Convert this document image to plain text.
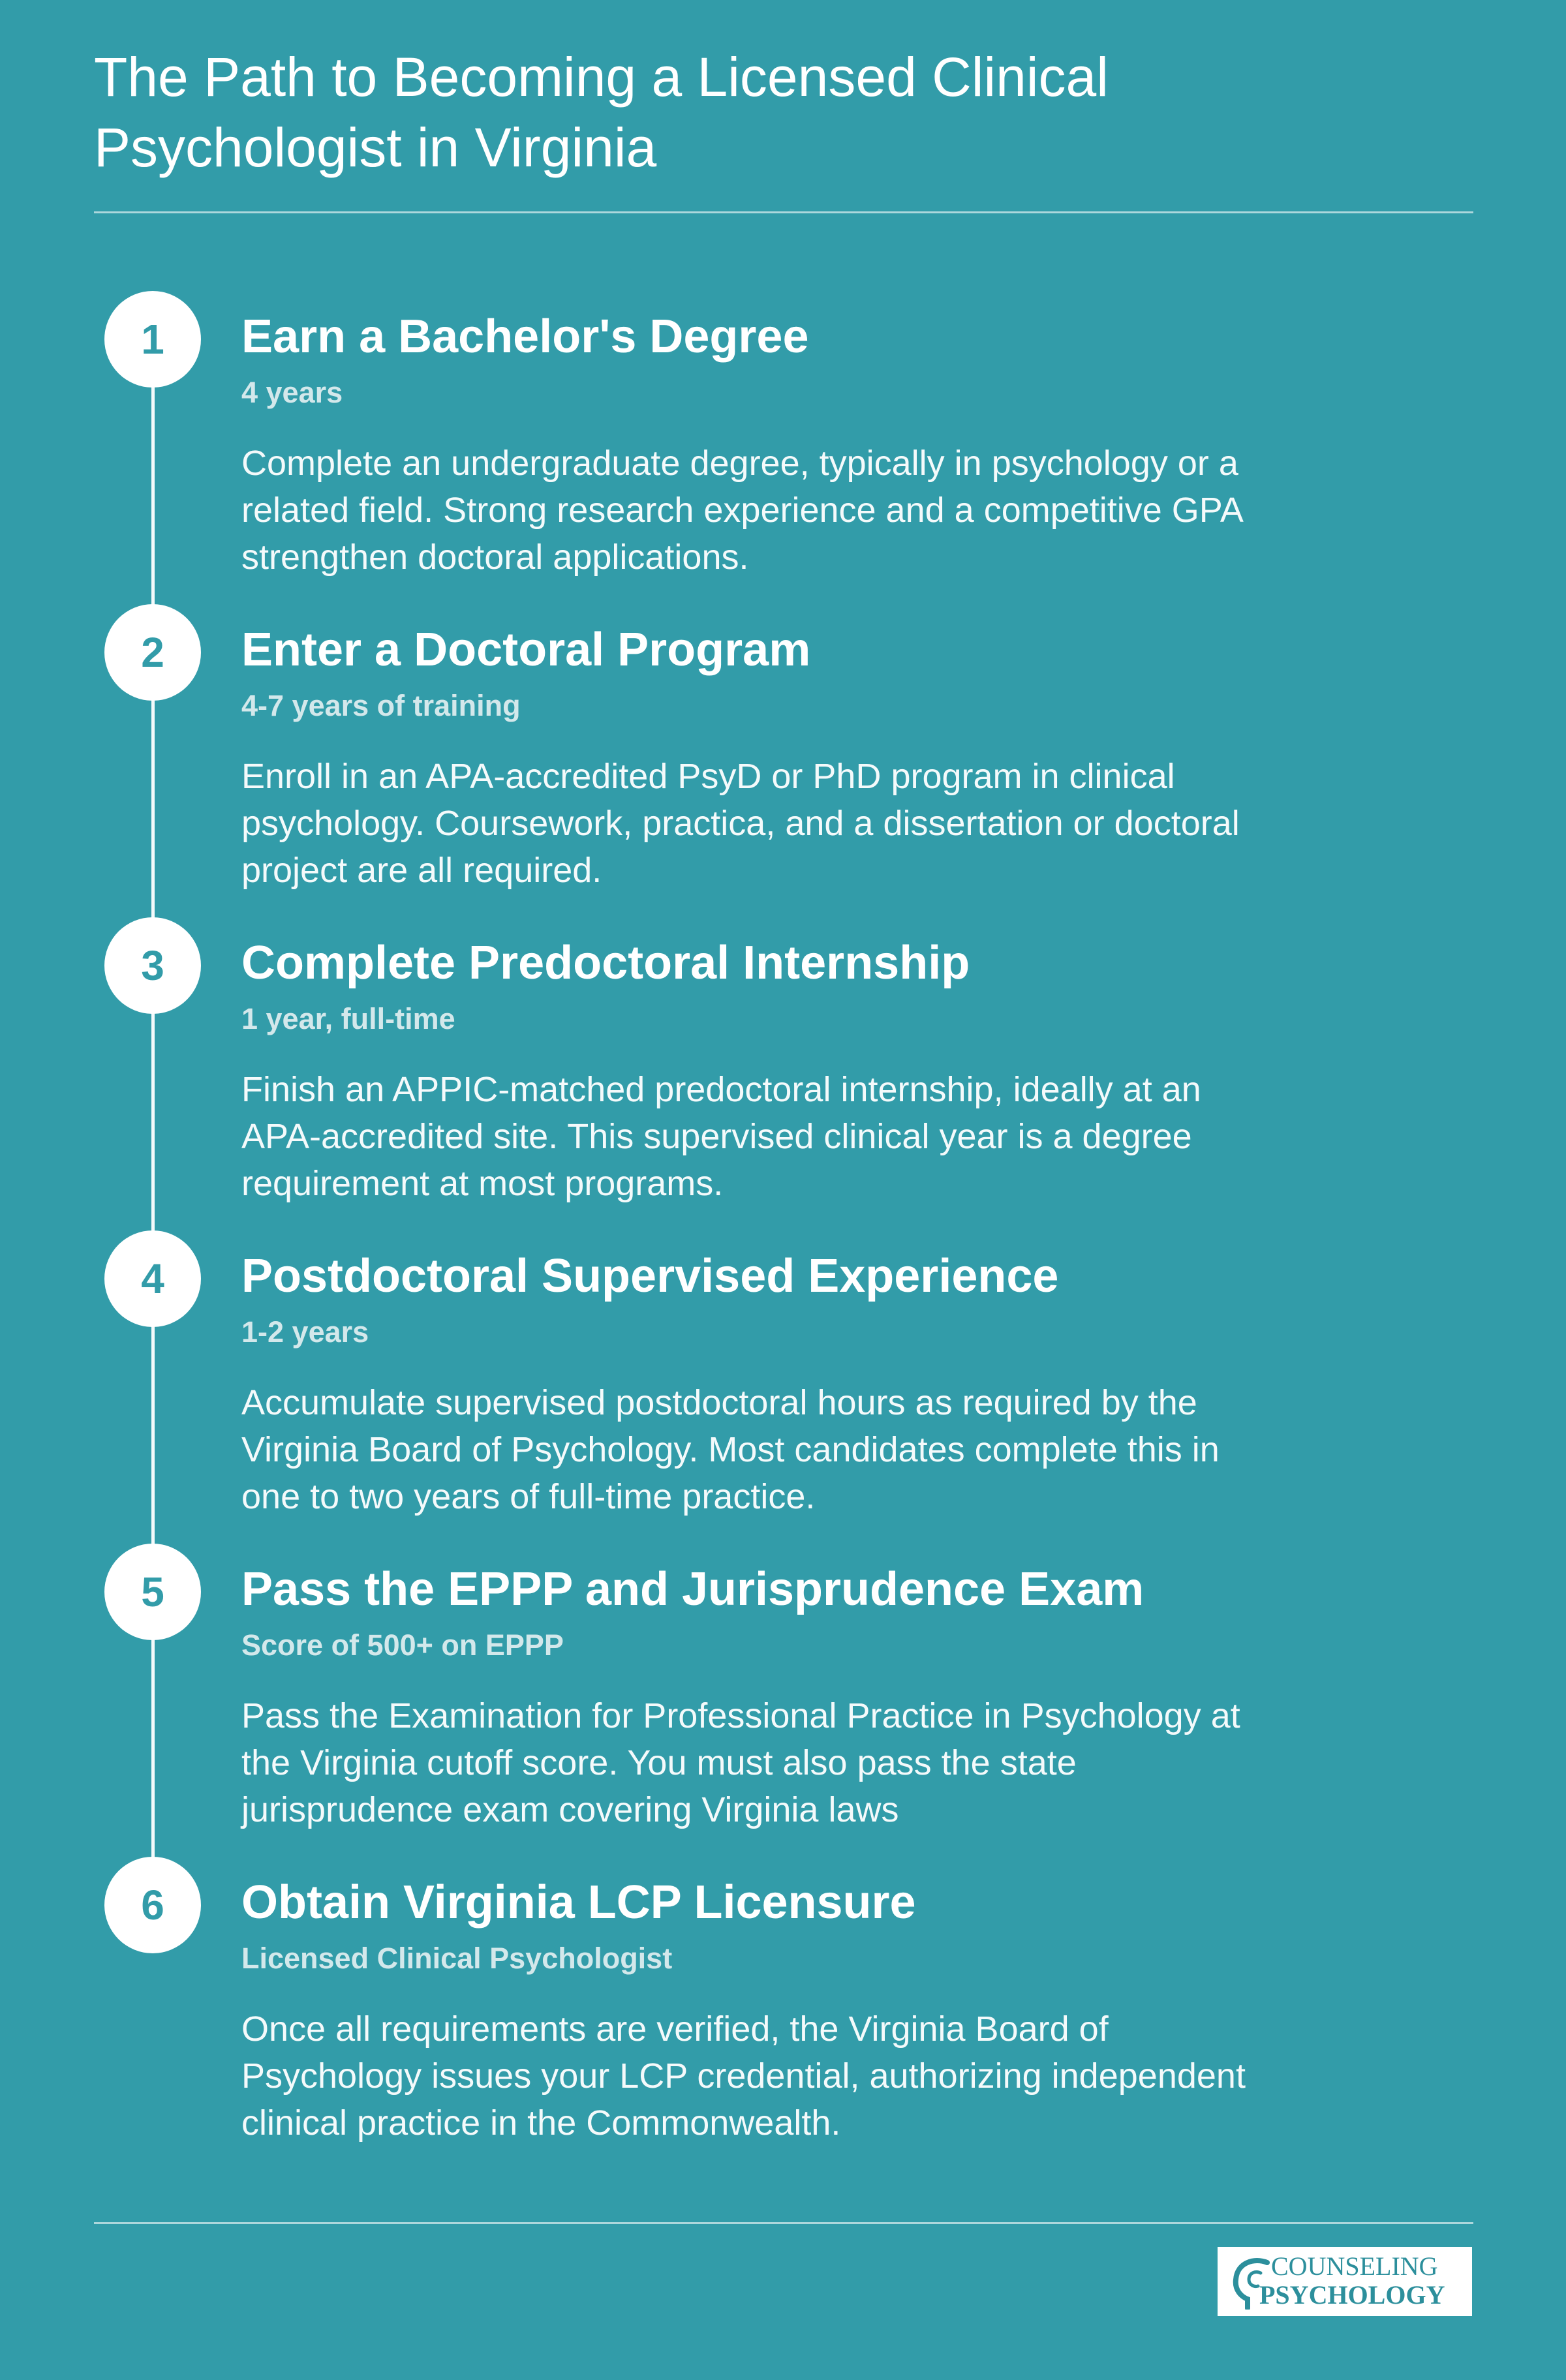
The Path to Becoming a Licensed Clinical Psychologist in Virginia
1	Earn a Bachelor's Degree
4 years

Complete an undergraduate degree, typically in psychology or a related field. Strong research experience and a competitive GPA strengthen doctoral applications.

2	Enter a Doctoral Program
4-7 years of training

Enroll in an APA-accredited PsyD or PhD program in clinical psychology. Coursework, practica, and a dissertation or doctoral project are all required.

3	Complete Predoctoral Internship
1 year, full-time

Finish an APPIC-matched predoctoral internship, ideally at an APA-accredited site. This supervised clinical year is a degree requirement at most programs.

4	Postdoctoral Supervised Experience
1-2 years

Accumulate supervised postdoctoral hours as required by the Virginia Board of Psychology. Most candidates complete this in one to two years of full-time practice.

5	Pass the EPPP and Jurisprudence Exam
Score of 500+ on EPPP

Pass the Examination for Professional Practice in Psychology at the Virginia cutoff score. You must also pass the state jurisprudence exam covering Virginia laws

6	Obtain Virginia LCP Licensure
Licensed Clinical Psychologist

Once all requirements are verified, the Virginia Board of Psychology issues your LCP credential, authorizing independent clinical practice in the Commonwealth.

COUNSELING
PSYCHOLOGY
